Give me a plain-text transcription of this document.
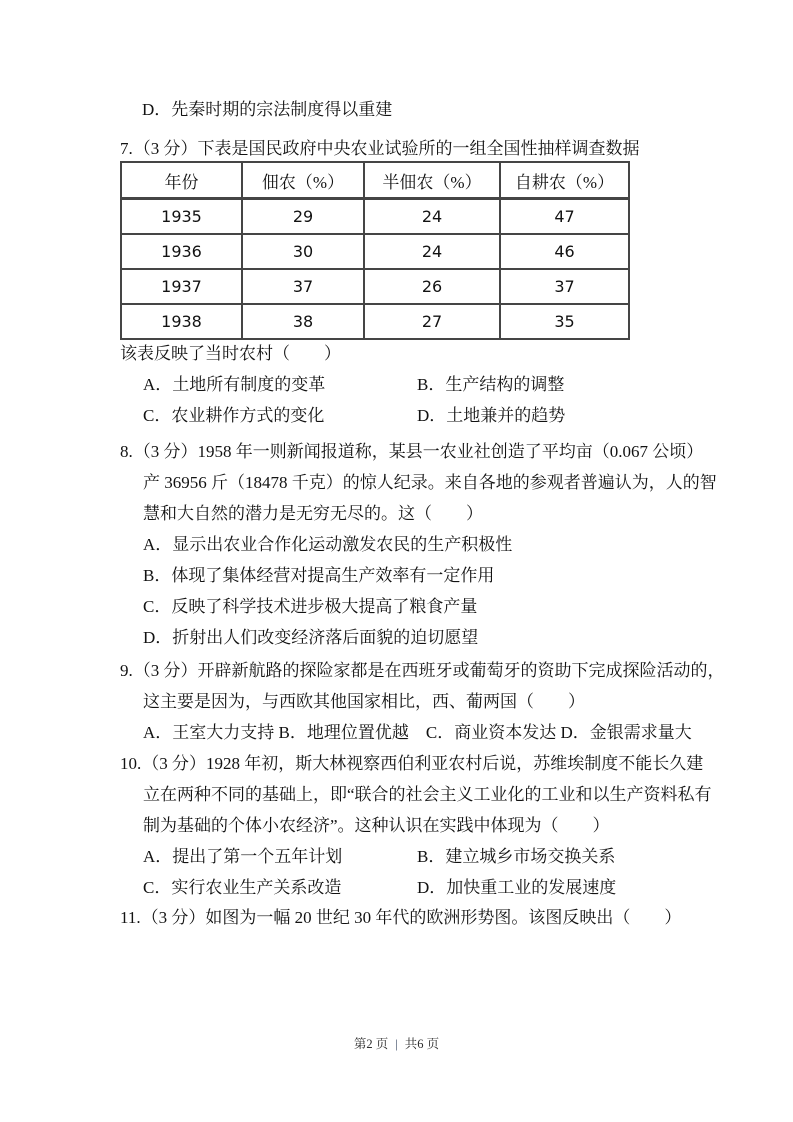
D．先秦时期的宗法制度得以重建
7.（3 分）下表是国民政府中央农业试验所的一组全国性抽样调查数据
年份	佃农（%）	半佃农（%）	自耕农（%）
1935	29	24	47
1936	30	24	46
1937	37	26	37
1938	38	27	35
该表反映了当时农村（　　）
A．土地所有制度的变革	B．生产结构的调整
C．农业耕作方式的变化	D．土地兼并的趋势
8.（3 分）1958 年一则新闻报道称，某县一农业社创造了平均亩（0.067 公顷）
产 36956 斤（18478 千克）的惊人纪录。来自各地的参观者普遍认为，人的智
慧和大自然的潜力是无穷无尽的。这（　　）
A．显示出农业合作化运动激发农民的生产积极性
B．体现了集体经营对提高生产效率有一定作用
C．反映了科学技术进步极大提高了粮食产量
D．折射出人们改变经济落后面貌的迫切愿望
9.（3 分）开辟新航路的探险家都是在西班牙或葡萄牙的资助下完成探险活动的，
这主要是因为，与西欧其他国家相比，西、葡两国（　　）
A．王室大力支持 B．地理位置优越　C．商业资本发达 D．金银需求量大
10.（3 分）1928 年初，斯大林视察西伯利亚农村后说，苏维埃制度不能长久建
立在两种不同的基础上，即“联合的社会主义工业化的工业和以生产资料私有
制为基础的个体小农经济”。这种认识在实践中体现为（　　）
A．提出了第一个五年计划	B．建立城乡市场交换关系
C．实行农业生产关系改造	D．加快重工业的发展速度
11.（3 分）如图为一幅 20 世纪 30 年代的欧洲形势图。该图反映出（　　）
第2 页 | 共6 页
